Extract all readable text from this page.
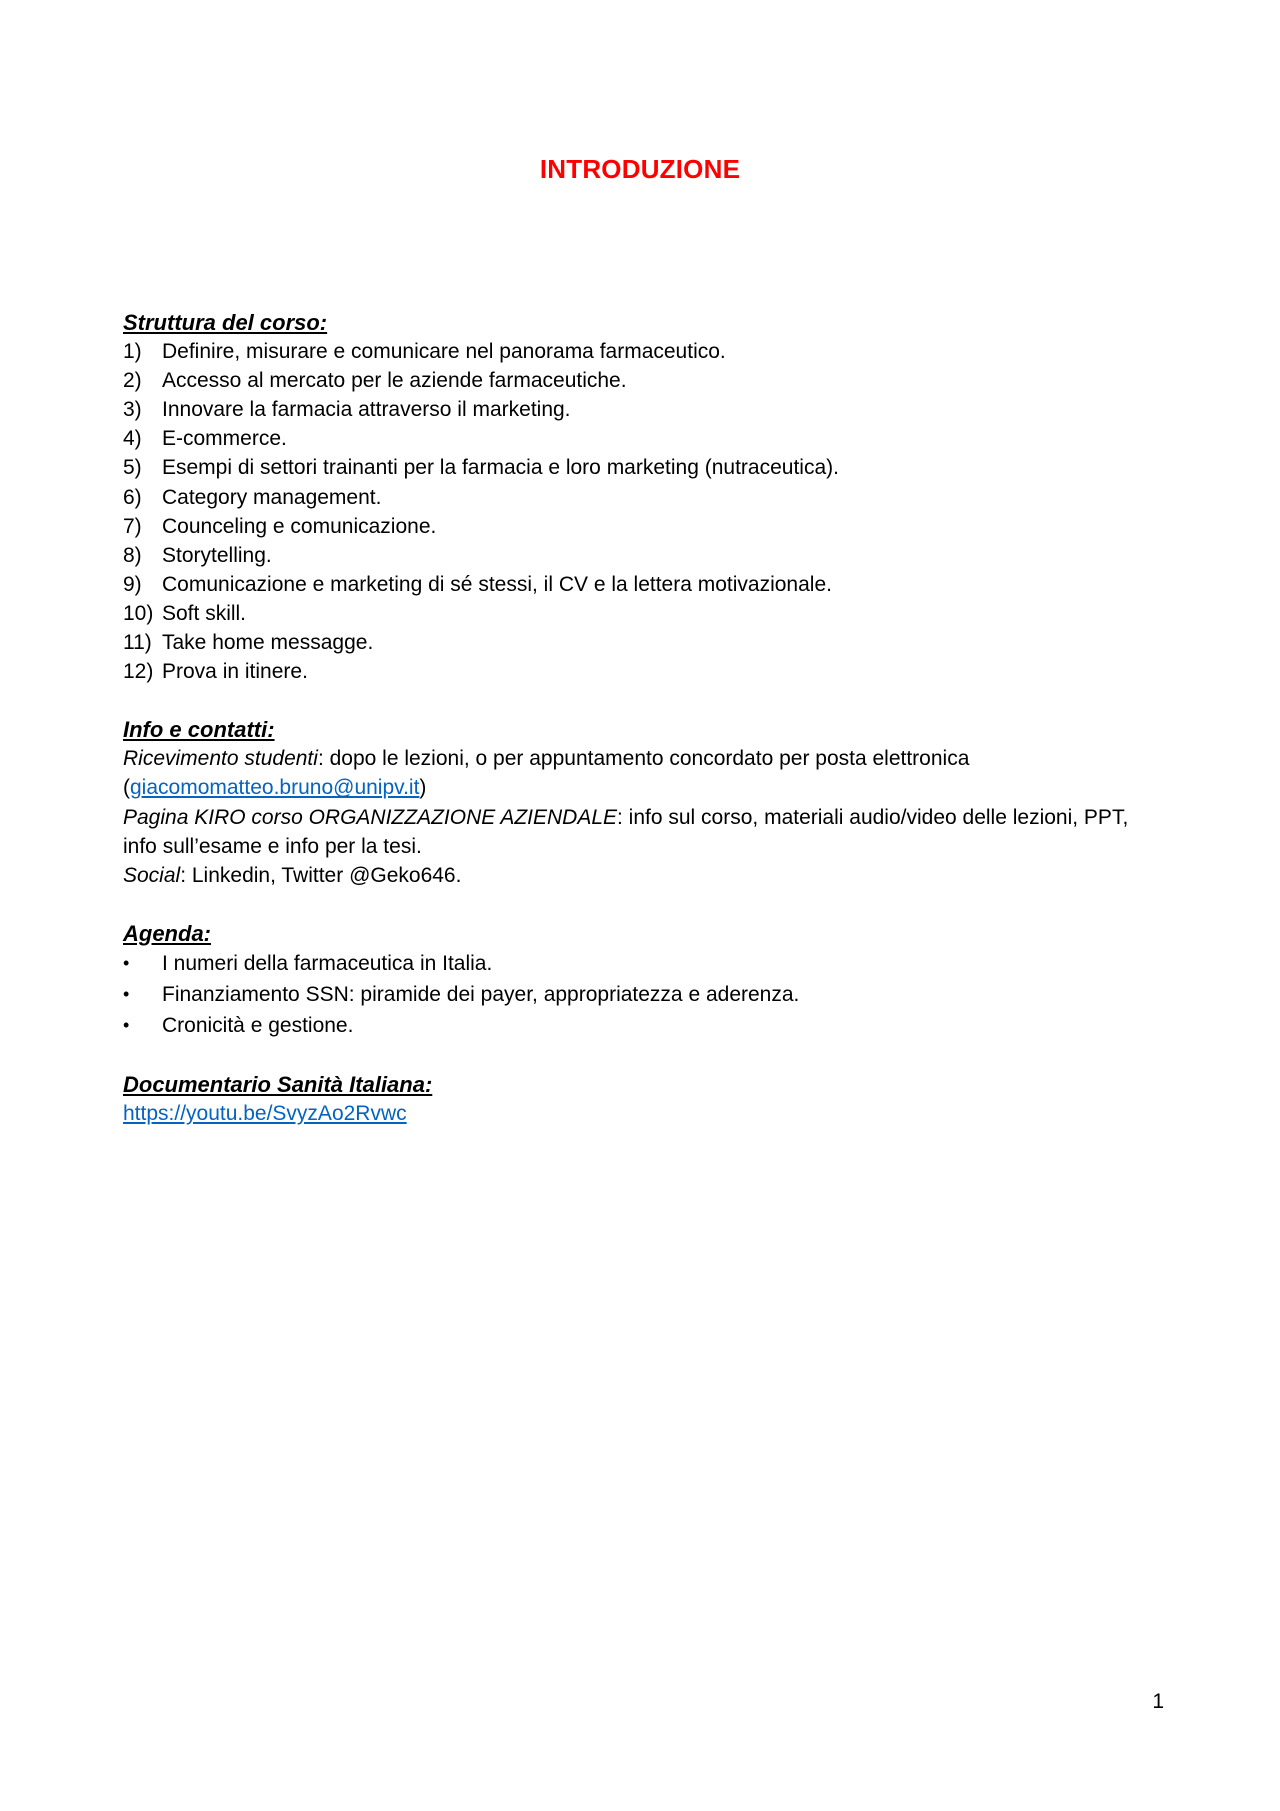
INTRODUZIONE
Struttura del corso:
1) Definire, misurare e comunicare nel panorama farmaceutico.
2) Accesso al mercato per le aziende farmaceutiche.
3) Innovare la farmacia attraverso il marketing.
4) E-commerce.
5) Esempi di settori trainanti per la farmacia e loro marketing (nutraceutica).
6) Category management.
7) Counceling e comunicazione.
8) Storytelling.
9) Comunicazione e marketing di sé stessi, il CV e la lettera motivazionale.
10) Soft skill.
11) Take home messagge.
12) Prova in itinere.
Info e contatti:
Ricevimento studenti: dopo le lezioni, o per appuntamento concordato per posta elettronica
(giacomomatteo.bruno@unipv.it)
Pagina KIRO corso ORGANIZZAZIONE AZIENDALE: info sul corso, materiali audio/video delle lezioni, PPT, info sull’esame e info per la tesi.
Social: Linkedin, Twitter @Geko646.
Agenda:
•	I numeri della farmaceutica in Italia.
•	Finanziamento SSN: piramide dei payer, appropriatezza e aderenza.
•	Cronicità e gestione.
Documentario Sanità Italiana:
https://youtu.be/SvyzAo2Rvwc
1
